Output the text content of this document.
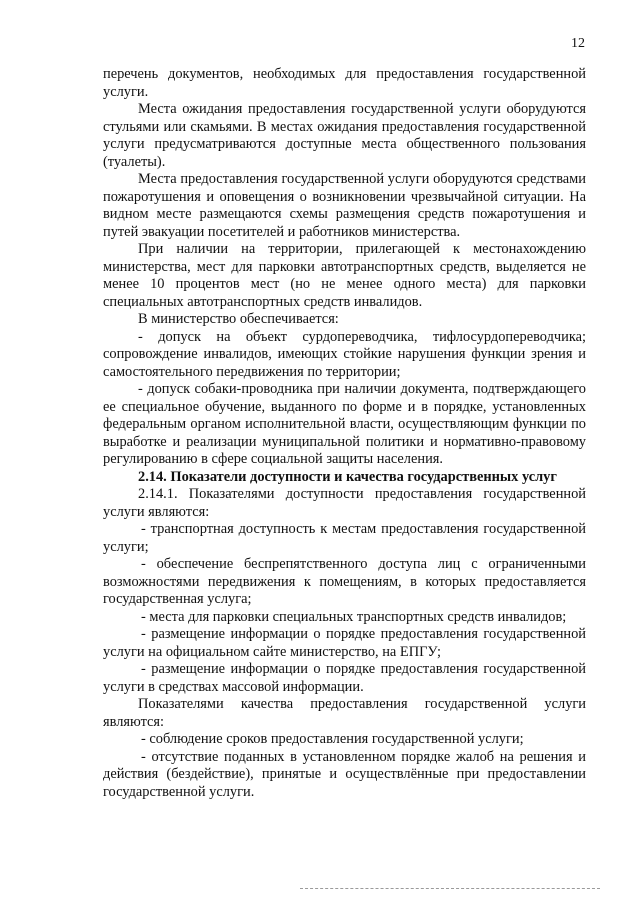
12

перечень документов, необходимых для предоставления государственной услуги.

Места ожидания предоставления государственной услуги оборудуются стульями или скамьями. В местах ожидания предоставления государственной услуги предусматриваются доступные места общественного пользования (туалеты).

Места предоставления государственной услуги оборудуются средствами пожаротушения и оповещения о возникновении чрезвычайной ситуации. На видном месте размещаются схемы размещения средств пожаротушения и путей эвакуации посетителей и работников министерства.

При наличии на территории, прилегающей к местонахождению министерства, мест для парковки автотранспортных средств, выделяется не менее 10 процентов мест (но не менее одного места) для парковки специальных автотранспортных средств инвалидов.

В министерство обеспечивается:

- допуск на объект сурдопереводчика, тифлосурдопереводчика; сопровождение инвалидов, имеющих стойкие нарушения функции зрения и самостоятельного передвижения по территории;

- допуск собаки-проводника при наличии документа, подтверждающего ее специальное обучение, выданного по форме и в порядке, установленных федеральным органом исполнительной власти, осуществляющим функции по выработке и реализации муниципальной политики и нормативно-правовому регулированию в сфере социальной защиты населения.

2.14. Показатели доступности и качества государственных услуг

2.14.1. Показателями доступности предоставления государственной услуги являются:

- транспортная доступность к местам предоставления государственной услуги;

- обеспечение беспрепятственного доступа лиц с ограниченными возможностями передвижения к помещениям, в которых предоставляется государственная услуга;

- места для парковки специальных транспортных средств инвалидов;

- размещение информации о порядке предоставления государственной услуги на официальном сайте министерство, на ЕПГУ;

- размещение информации о порядке предоставления государственной услуги в средствах массовой информации.

Показателями качества предоставления государственной услуги являются:

- соблюдение сроков предоставления государственной услуги;

- отсутствие поданных в установленном порядке жалоб на решения и действия (бездействие), принятые и осуществлённые при предоставлении государственной услуги.
